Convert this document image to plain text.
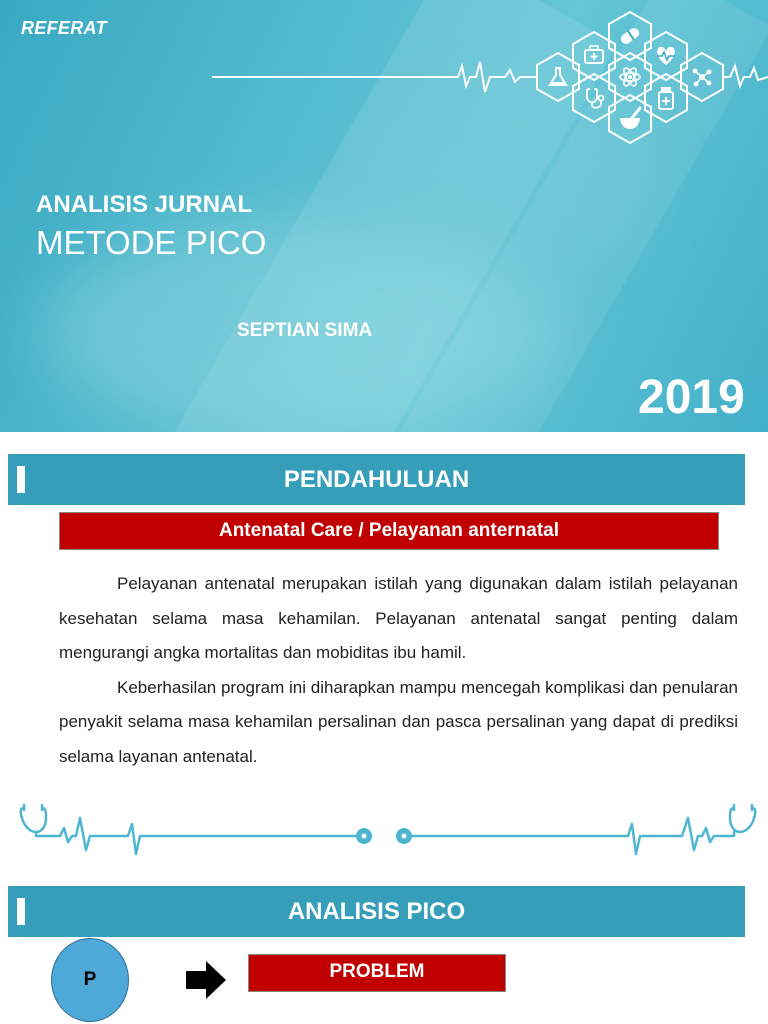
REFERAT
ANALISIS JURNAL
METODE PICO
SEPTIAN SIMA
2019
PENDAHULUAN
Antenatal Care / Pelayanan anternatal

Pelayanan antenatal merupakan istilah yang digunakan dalam istilah pelayanan kesehatan selama masa kehamilan. Pelayanan antenatal sangat penting dalam mengurangi angka mortalitas dan mobiditas ibu hamil.

Keberhasilan program ini diharapkan mampu mencegah komplikasi dan penularan penyakit selama masa kehamilan persalinan dan pasca persalinan yang dapat di prediksi selama layanan antenatal.

ANALISIS PICO
P	PROBLEM
